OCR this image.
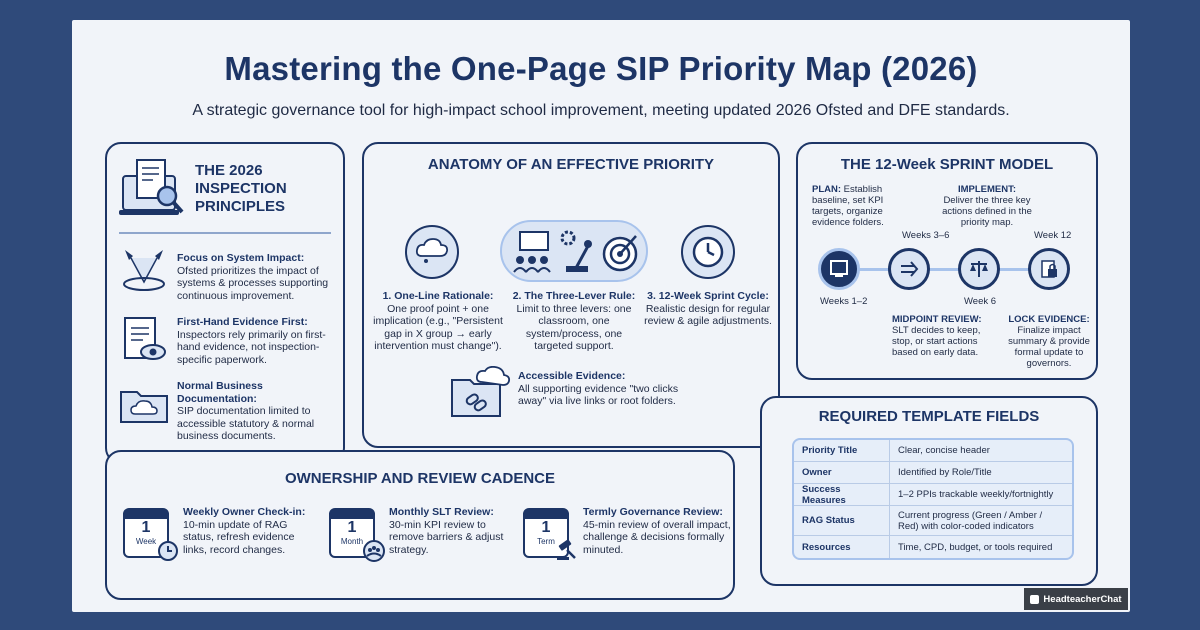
Mastering the One-Page SIP Priority Map (2026)
A strategic governance tool for high-impact school improvement, meeting updated 2026 Ofsted and DFE standards.
THE 2026
INSPECTION
PRINCIPLES
Focus on System Impact:
Ofsted prioritizes the impact of systems & processes supporting continuous improvement.
First-Hand Evidence First:
Inspectors rely primarily on first-hand evidence, not inspection-specific paperwork.
Normal Business Documentation:
SIP documentation limited to accessible statutory & normal business documents.
ANATOMY OF AN EFFECTIVE PRIORITY
1. One-Line Rationale:
One proof point + one implication (e.g., "Persistent gap in X group → early intervention must change").
2. The Three-Lever Rule:
Limit to three levers: one classroom, one system/process, one targeted support.
3. 12-Week Sprint Cycle:
Realistic design for regular review & agile adjustments.
Accessible Evidence:
All supporting evidence "two clicks away" via live links or root folders.
THE 12-Week SPRINT MODEL
PLAN: Establish baseline, set KPI targets, organize evidence folders.
IMPLEMENT:
Deliver the three key actions defined in the priority map.
Weeks 3–6	Week 12
Weeks 1–2	Week 6
MIDPOINT REVIEW:
SLT decides to keep, stop, or start actions based on early data.
LOCK EVIDENCE:
Finalize impact summary & provide formal update to governors.
REQUIRED TEMPLATE FIELDS
Priority Title	Clear, concise header
Owner	Identified by Role/Title
Success Measures	1–2 PPIs trackable weekly/fortnightly
RAG Status	Current progress (Green / Amber / Red) with color-coded indicators
Resources	Time, CPD, budget, or tools required
OWNERSHIP AND REVIEW CADENCE
1
Week
Weekly Owner Check-in:
10-min update of RAG status, refresh evidence links, record changes.
1
Month
Monthly SLT Review:
30-min KPI review to remove barriers & adjust strategy.
1
Term
Termly Governance Review:
45-min review of overall impact, challenge & decisions formally minuted.
HeadteacherChat
